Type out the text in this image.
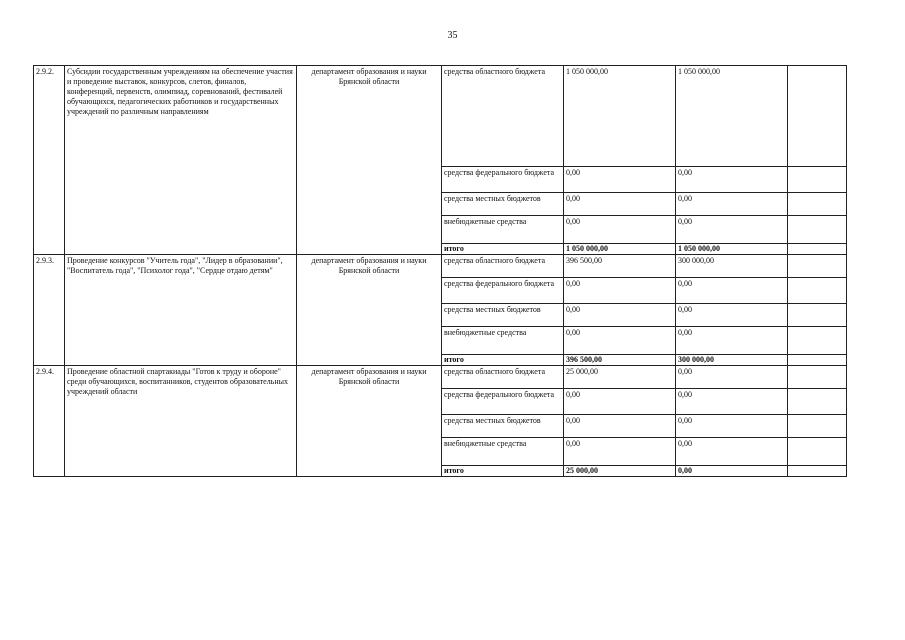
35
2.9.2.	Субсидии государственным учреждениям на обеспечение участия и проведение выставок, конкурсов, слетов, финалов, конференций, первенств, олимпиад, соревнований, фестивалей обучающихся, педагогических работников и государственных учреждений по различным направлениям	департамент образования и науки Брянской области	средства областного бюджета	1 050 000,00	1 050 000,00	
			средства федерального бюджета	0,00	0,00	
			средства местных бюджетов	0,00	0,00	
			внебюджетные средства	0,00	0,00	
			итого	1 050 000,00	1 050 000,00	
2.9.3.	Проведение конкурсов "Учитель года", "Лидер в образовании", "Воспитатель года", "Психолог года", "Сердце отдаю детям"	департамент образования и науки Брянской области	средства областного бюджета	396 500,00	300 000,00	
			средства федерального бюджета	0,00	0,00	
			средства местных бюджетов	0,00	0,00	
			внебюджетные средства	0,00	0,00	
			итого	396 500,00	300 000,00	
2.9.4.	Проведение областной спартакиады "Готов к труду и обороне" среди обучающихся, воспитанников, студентов образовательных учреждений области	департамент образования и науки Брянской области	средства областного бюджета	25 000,00	0,00	
			средства федерального бюджета	0,00	0,00	
			средства местных бюджетов	0,00	0,00	
			внебюджетные средства	0,00	0,00	
			итого	25 000,00	0,00	
